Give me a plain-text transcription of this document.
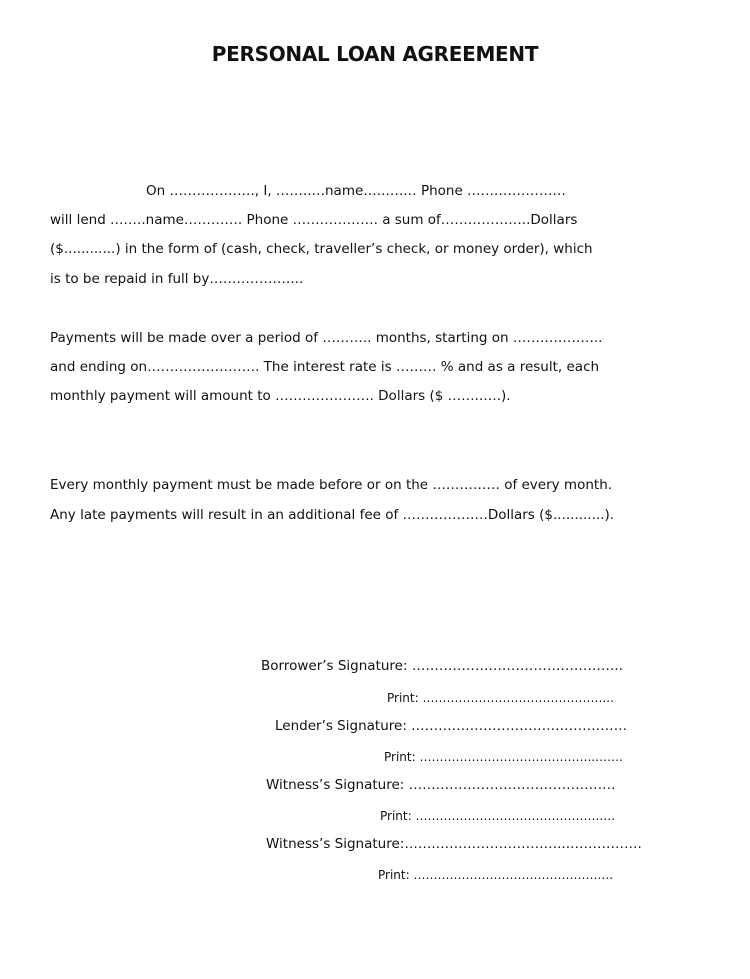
PERSONAL LOAN AGREEMENT
On ………………., I, ……..…name…..….… Phone …….……………
will lend ….….name…………. Phone ………………. a sum of………………..Dollars
($............) in the form of (cash, check, traveller’s check, or money order), which
is to be repaid in full by………………...
Payments will be made over a period of ……….. months, starting on ………………..
and ending on……………………. The interest rate is ……… % and as a result, each
monthly payment will amount to …………………. Dollars ($ ……..….).
Every monthly payment must be made before or on the …………… of every month.
Any late payments will result in an additional fee of ……………….Dollars ($............).
Borrower’s Signature: ………………………………………..
Print: ………………………………………...
Lender’s Signature: …………………………………………
Print: ……………………………………..…….
Witness’s Signature: ……………………………………….
Print: ……………………………………….….
Witness’s Signature:…….………………………...…………….
Print: ……………………………………….….
